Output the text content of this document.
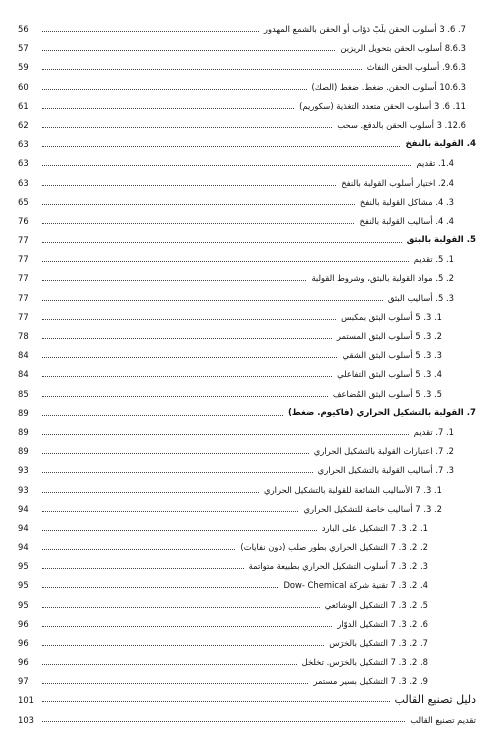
56	7. 6. 3 أسلوب الحقن بلَبْ ذؤاب أو الحقن بالشمع المهدور
57	8.6.3 أسلوب الحقن بتحويل الريزين
59	9.6.3. أسلوب الحقن النفاث
60	10.6.3 أسلوب الحقن. ضغط. ضغط (الصك)
61	11. 6. 3 أسلوب الحقن متعدد التغذية (سكوريم)
62	12.6. 3 أسلوب الحقن بالدفع. سحب
63	4. القولبة بالنفخ
63	1.4. تقديم
63	2.4. اختيار أسلوب القولبة بالنفخ
65	3. 4. مشاكل القولبة بالنفخ
76	4. 4. أساليب القولبة بالنفخ
77	5. القولبة بالبثق
77	1. 5. تقديم
77	2. 5. مواد القولبة بالبثق، وشروط القولبة
77	3. 5. أساليب البثق
77	1. 3. 5 أسلوب البثق بمكبس
78	2. 3. 5 أسلوب البثق المستمر
84	3. 3. 5 أسلوب البثق الشقي
84	4. 3. 5 أسلوب البثق التفاعلي
85	5. 3. 5 أسلوب البثق المُضاعف
89	7. القولبة بالتشكيل الحراري (فاكيوم. ضغط)
89	1. 7. تقديم
89	2. 7. اعتبارات القولبة بالتشكيل الحراري
93	3. 7. أساليب القولبة بالتشكيل الحراري
93	1. 3. 7 الأساليب الشائعة للقولبة بالتشكيل الحراري
94	2. 3. 7 أساليب خاصة للتشكيل الحراري
94	1. 2. 3. 7 التشكيل على البارد
94	2. 2. 3. 7 التشكيل الحراري بطور صلب (دون نفايات)
95	3. 2. 3. 7 أسلوب التشكيل الحراري بطبيعة متواتمة
95	4. 2. 3. 7 تقنية شركة Dow- Chemical
95	5. 2. 3. 7 التشكيل الوشائعي
96	6. 2. 3. 7 التشكيل الدوّار
96	7. 2. 3. 7 التشكيل بالخرَس
96	8. 2. 3. 7 التشكيل بالخرَس. تخلخل
97	9. 2. 3. 7 التشكيل بسير مستمر
101	دليل تصنيع القالب
103	تقديم تصنيع القالب
